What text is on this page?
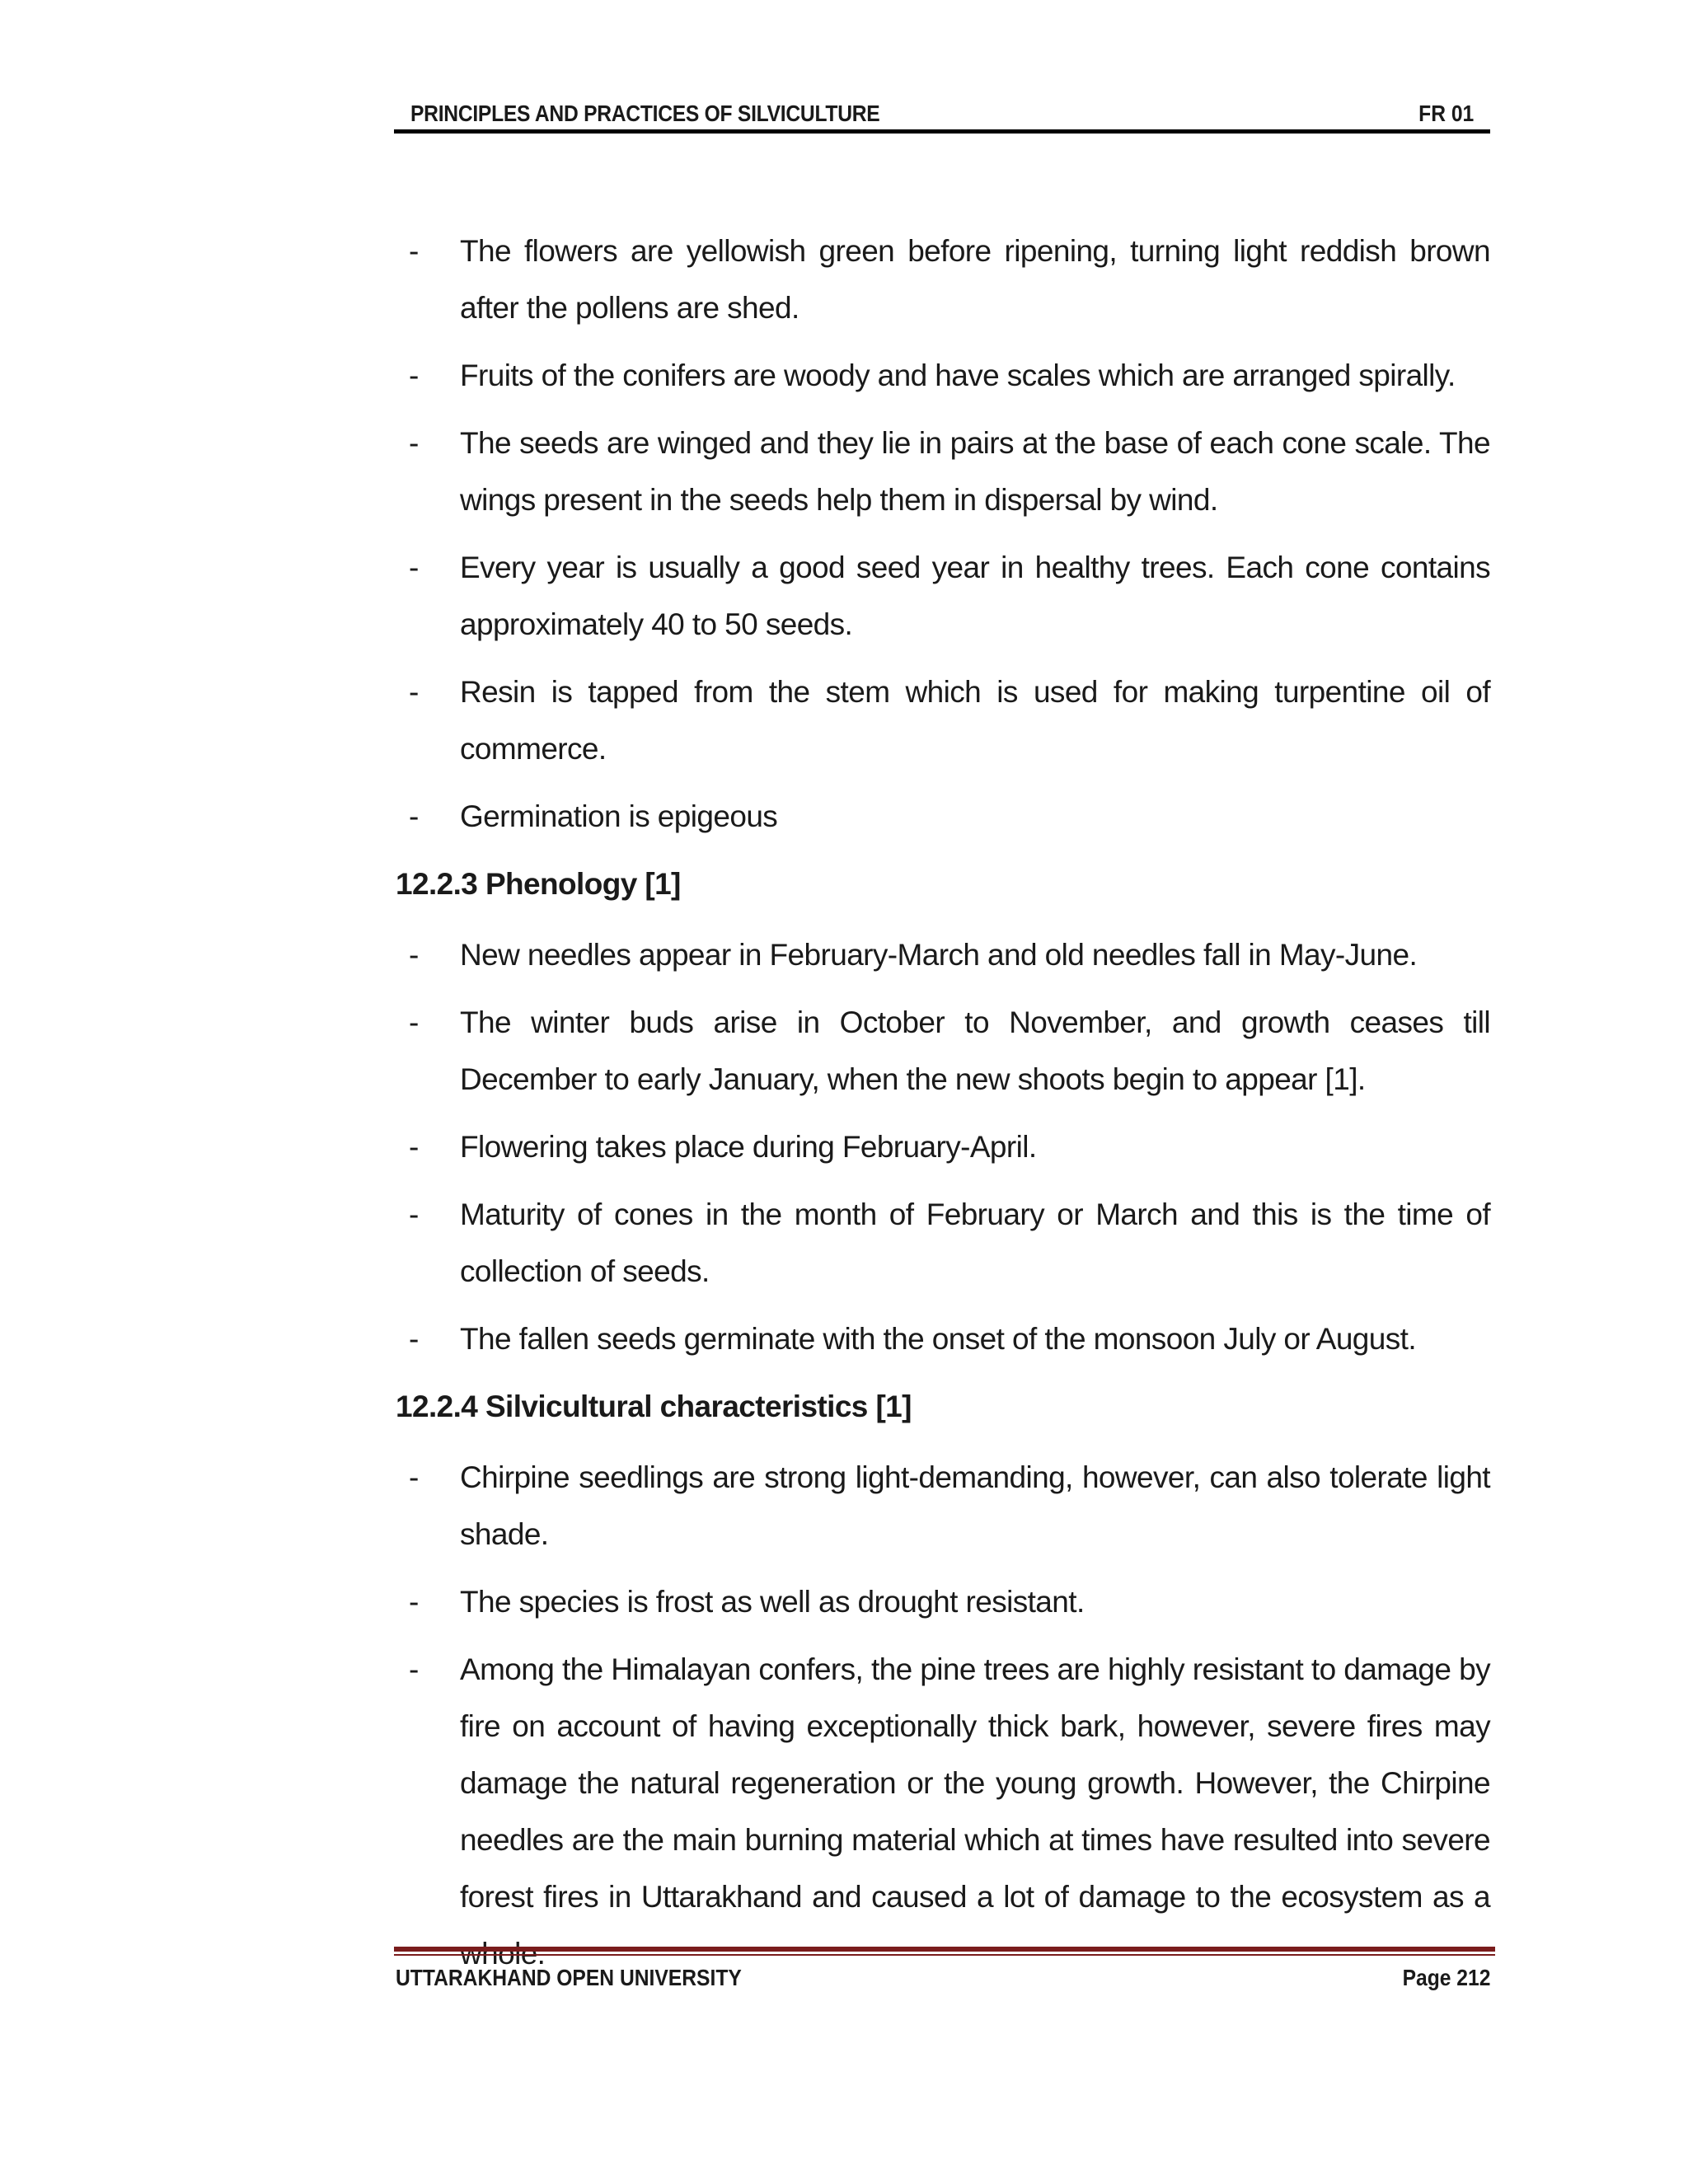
PRINCIPLES AND PRACTICES OF SILVICULTURE	FR 01
- The flowers are yellowish green before ripening, turning light reddish brown after the pollens are shed.
- Fruits of the conifers are woody and have scales which are arranged spirally.
- The seeds are winged and they lie in pairs at the base of each cone scale. The wings present in the seeds help them in dispersal by wind.
- Every year is usually a good seed year in healthy trees. Each cone contains approximately 40 to 50 seeds.
- Resin is tapped from the stem which is used for making turpentine oil of commerce.
- Germination is epigeous
12.2.3 Phenology [1]
- New needles appear in February-March and old needles fall in May-June.
- The winter buds arise in October to November, and growth ceases till December to early January, when the new shoots begin to appear [1].
- Flowering takes place during February-April.
- Maturity of cones in the month of February or March and this is the time of collection of seeds.
- The fallen seeds germinate with the onset of the monsoon July or August.
12.2.4 Silvicultural characteristics [1]
- Chirpine seedlings are strong light-demanding, however, can also tolerate light shade.
- The species is frost as well as drought resistant.
- Among the Himalayan confers, the pine trees are highly resistant to damage by fire on account of having exceptionally thick bark, however, severe fires may damage the natural regeneration or the young growth. However, the Chirpine needles are the main burning material which at times have resulted into severe forest fires in Uttarakhand and caused a lot of damage to the ecosystem as a
UTTARAKHAND OPEN UNIVERSITY	Page 212
